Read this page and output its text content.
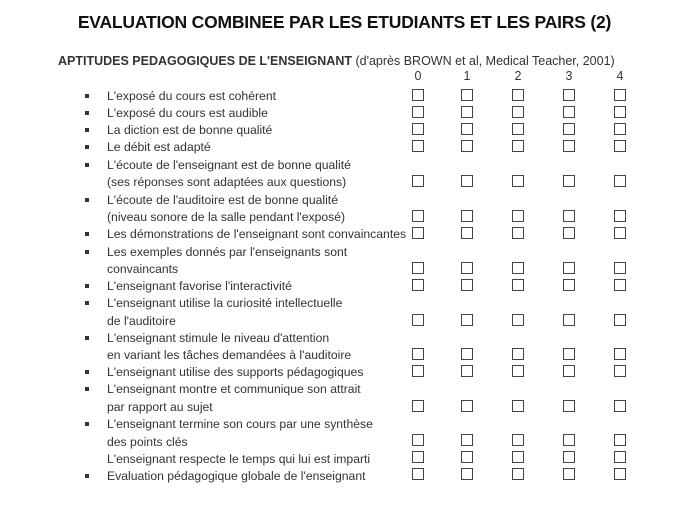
EVALUATION COMBINEE PAR LES ETUDIANTS ET LES PAIRS (2)
APTITUDES PEDAGOGIQUES DE L'ENSEIGNANT (d'après BROWN et al, Medical Teacher, 2001)
0	1	2	3	4
L'exposé du cours est cohérent
L'exposé du cours est audible
La diction est de bonne qualité
Le débit est adapté
L'écoute de l'enseignant est de bonne qualité
(ses réponses sont adaptées aux questions)
L'écoute de l'auditoire est de bonne qualité
(niveau sonore de la salle pendant l'exposé)
Les démonstrations de l'enseignant sont convaincantes
Les exemples donnés par l'enseignants sont
convaincants
L'enseignant favorise l'interactivité
L'enseignant utilise la curiosité intellectuelle
de l'auditoire
L'enseignant stimule le niveau d'attention
en variant les tâches demandées à l'auditoire
L'enseignant utilise des supports pédagogiques
L'enseignant montre et communique son attrait
par rapport au sujet
L'enseignant termine son cours par une synthèse
des points clés
L'enseignant respecte le temps qui lui est imparti
Evaluation pédagogique globale de l'enseignant
